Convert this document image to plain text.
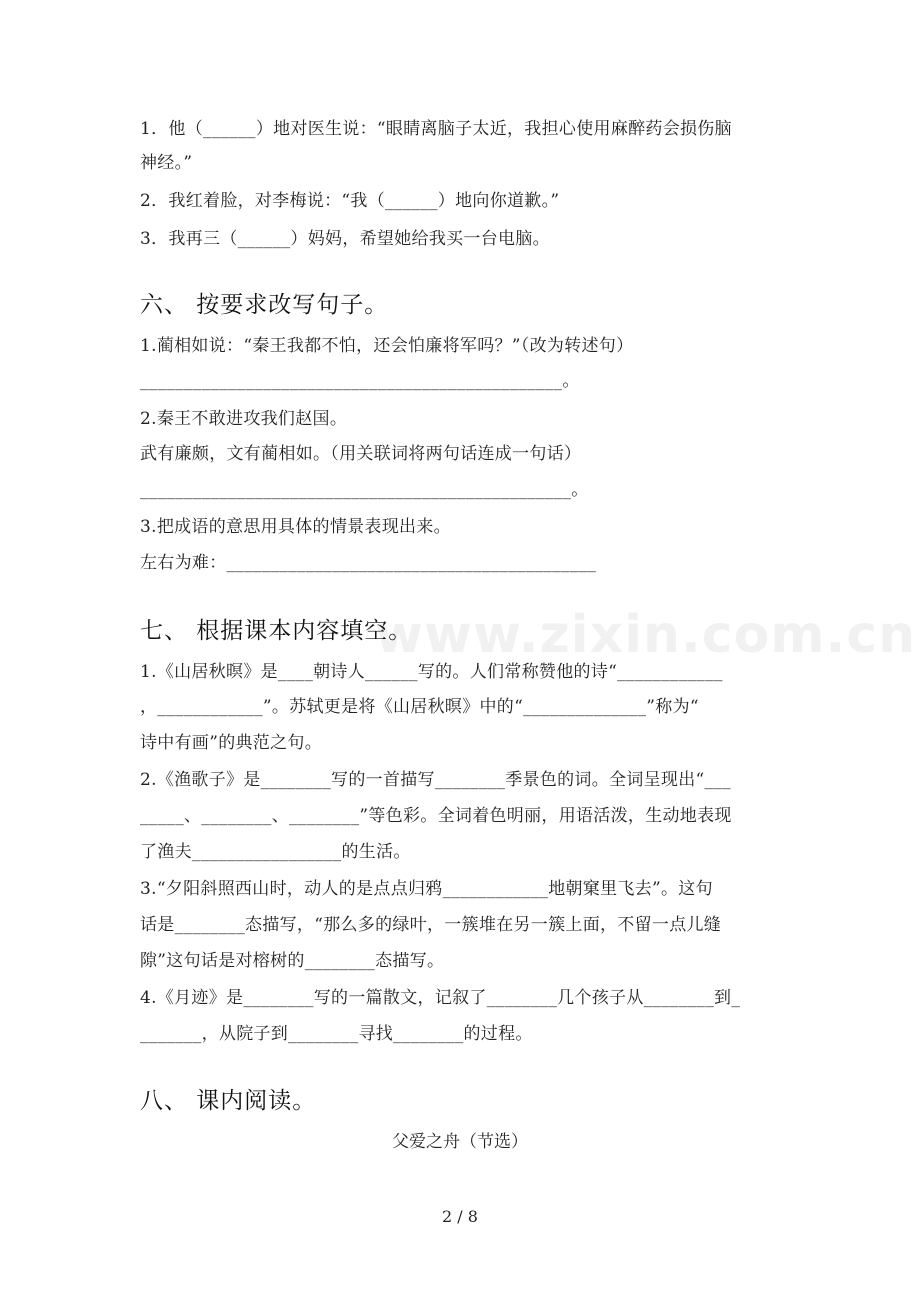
www.zixin.com.cn
1．他（______）地对医生说：“眼睛离脑子太近，我担心使用麻醉药会损伤脑
神经。”
2．我红着脸，对李梅说：“我（______）地向你道歉。”
3．我再三（______）妈妈，希望她给我买一台电脑。
六、 按要求改写句子。
1.蔺相如说：“秦王我都不怕，还会怕廉将军吗？”（改为转述句）
________________________________________________。
2.秦王不敢进攻我们赵国。
武有廉颇，文有蔺相如。（用关联词将两句话连成一句话）
_________________________________________________。
3.把成语的意思用具体的情景表现出来。
左右为难：__________________________________________
七、 根据课本内容填空。
1.《山居秋暝》是____朝诗人______写的。人们常称赞他的诗“____________
，____________”。苏轼更是将《山居秋暝》中的“______________”称为“
诗中有画”的典范之句。
2.《渔歌子》是________写的一首描写________季景色的词。全词呈现出“___
_____、________、________”等色彩。全词着色明丽，用语活泼，生动地表现
了渔夫_________________的生活。
3.“夕阳斜照西山时，动人的是点点归鸦____________地朝窠里飞去”。这句
话是________态描写，“那么多的绿叶，一簇堆在另一簇上面，不留一点儿缝
隙”这句话是对榕树的________态描写。
4.《月迹》是________写的一篇散文，记叙了________几个孩子从________到_
_______，从院子到________寻找________的过程。
八、 课内阅读。
父爱之舟（节选）
2 / 8
